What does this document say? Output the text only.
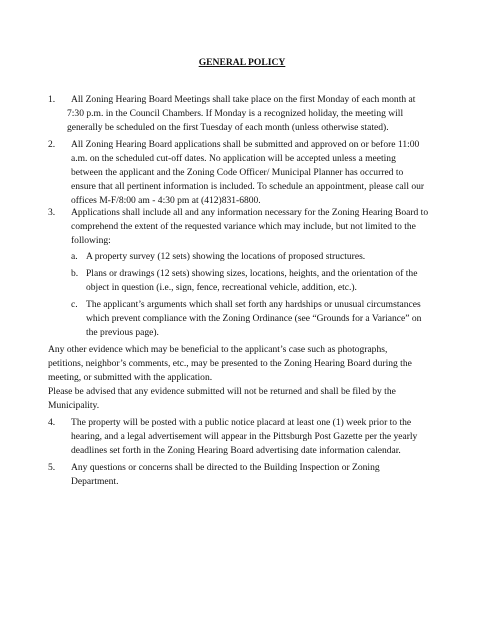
GENERAL POLICY
1.	All Zoning Hearing Board Meetings shall take place on the first Monday of each month at
7:30 p.m. in the Council Chambers. If Monday is a recognized holiday, the meeting will
generally be scheduled on the first Tuesday of each month (unless otherwise stated).
2. All Zoning Hearing Board applications shall be submitted and approved on or before 11:00
a.m. on the scheduled cut-off dates. No application will be accepted unless a meeting
between the applicant and the Zoning Code Officer/ Municipal Planner has occurred to
ensure that all pertinent information is included. To schedule an appointment, please call our
offices M-F/8:00 am - 4:30 pm at (412)831-6800.
3. Applications shall include all and any information necessary for the Zoning Hearing Board to
comprehend the extent of the requested variance which may include, but not limited to the
following:
a. A property survey (12 sets) showing the locations of proposed structures.
b. Plans or drawings (12 sets) showing sizes, locations, heights, and the orientation of the
object in question (i.e., sign, fence, recreational vehicle, addition, etc.).
c. The applicant’s arguments which shall set forth any hardships or unusual circumstances
which prevent compliance with the Zoning Ordinance (see “Grounds for a Variance” on
the previous page).
Any other evidence which may be beneficial to the applicant’s case such as photographs,
petitions, neighbor’s comments, etc., may be presented to the Zoning Hearing Board during the
meeting, or submitted with the application.
Please be advised that any evidence submitted will not be returned and shall be filed by the
Municipality.
4. The property will be posted with a public notice placard at least one (1) week prior to the
hearing, and a legal advertisement will appear in the Pittsburgh Post Gazette per the yearly
deadlines set forth in the Zoning Hearing Board advertising date information calendar.
5. Any questions or concerns shall be directed to the Building Inspection or Zoning
Department.
